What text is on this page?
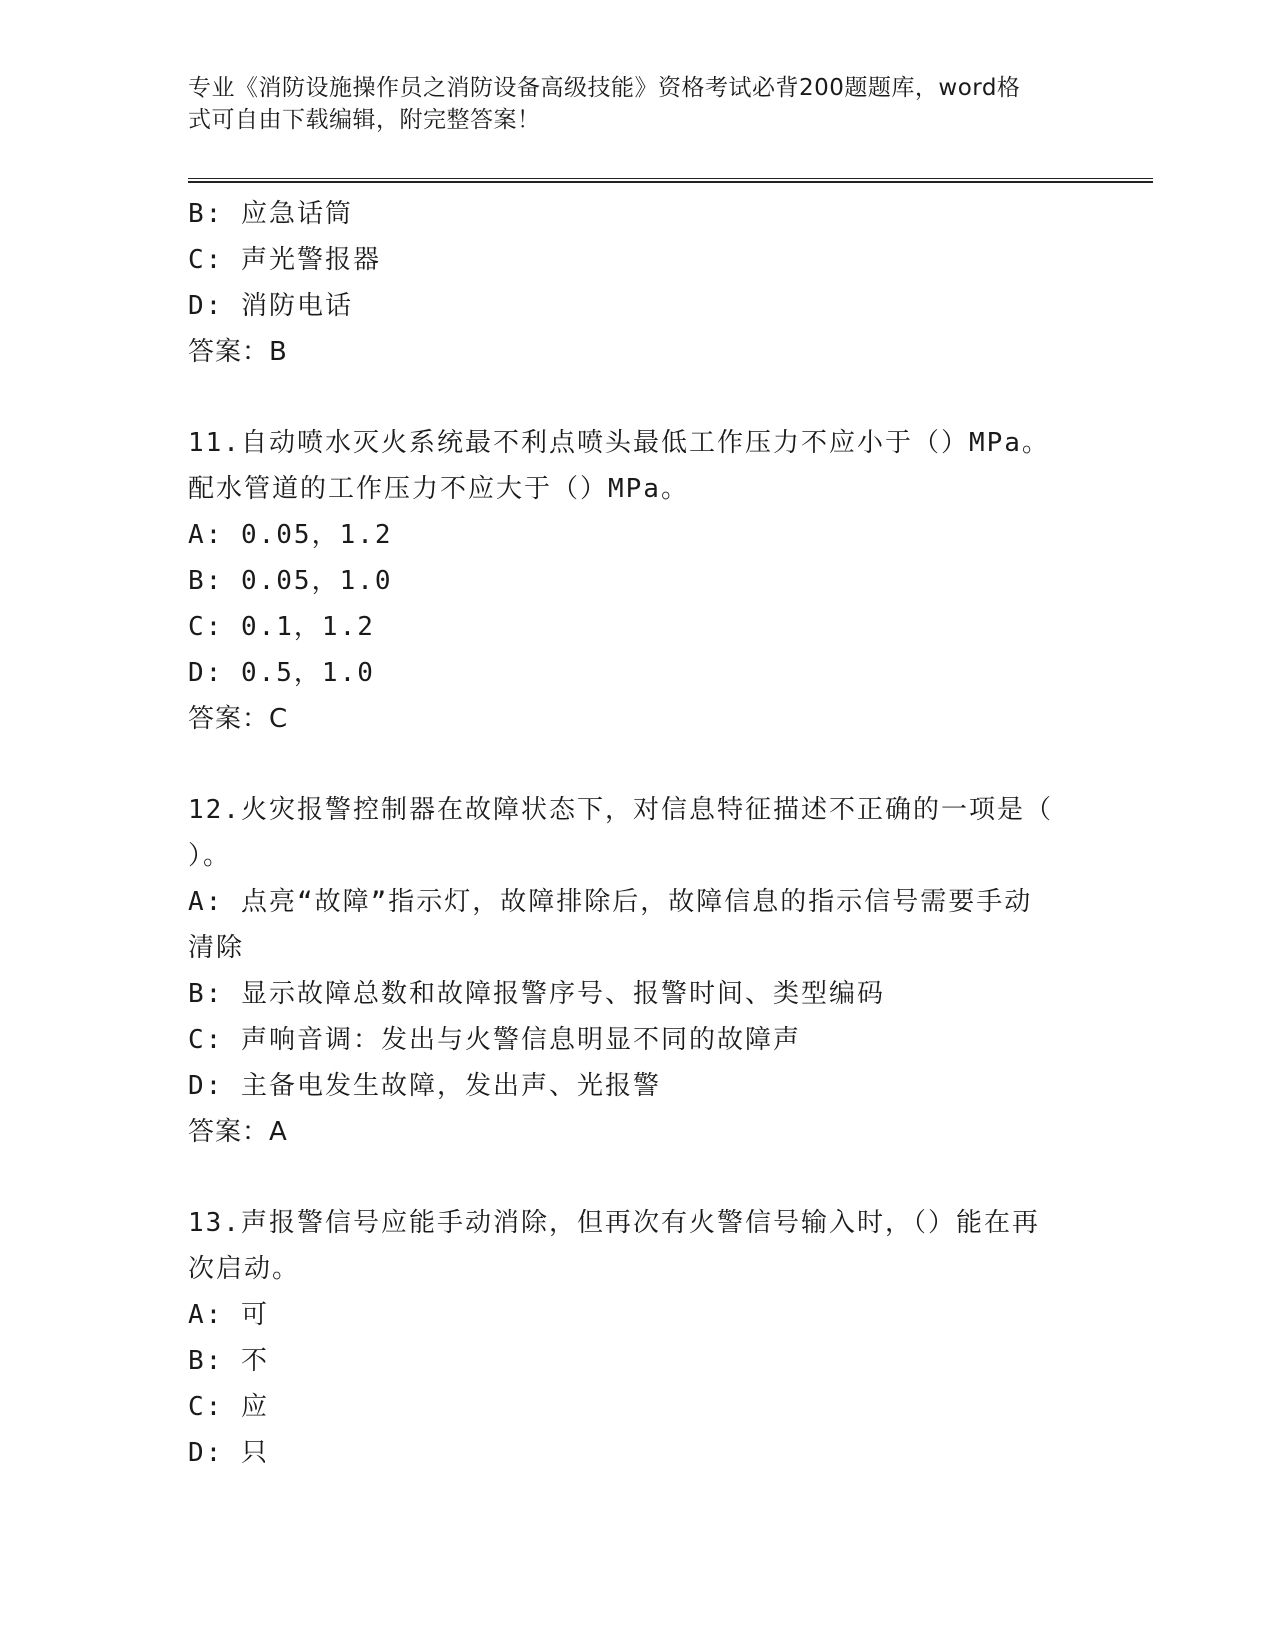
专业《消防设施操作员之消防设备高级技能》资格考试必背200题题库，word格
式可自由下载编辑，附完整答案！
B: 应急话筒
C: 声光警报器
D: 消防电话
答案：B
11.自动喷水灭火系统最不利点喷头最低工作压力不应小于（）MPa。
配水管道的工作压力不应大于（）MPa。
A: 0.05，1.2
B: 0.05，1.0
C: 0.1，1.2
D: 0.5，1.0
答案：C
12.火灾报警控制器在故障状态下，对信息特征描述不正确的一项是（
）。
A: 点亮“故障”指示灯，故障排除后，故障信息的指示信号需要手动
清除
B: 显示故障总数和故障报警序号、报警时间、类型编码
C: 声响音调：发出与火警信息明显不同的故障声
D: 主备电发生故障，发出声、光报警
答案：A
13.声报警信号应能手动消除，但再次有火警信号输入时，（）能在再
次启动。
A: 可
B: 不
C: 应
D: 只
